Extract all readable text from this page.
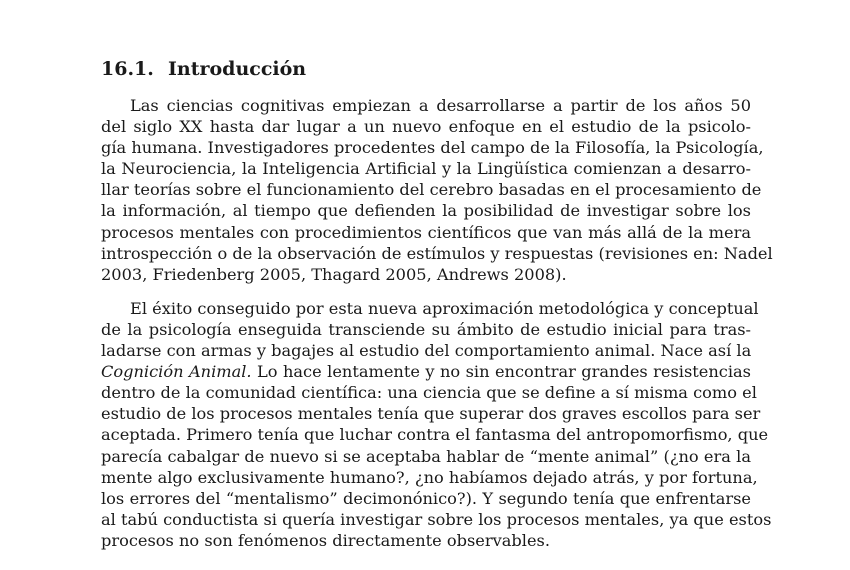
16.1. Introducción
Las ciencias cognitivas empiezan a desarrollarse a partir de los años 50
del siglo XX hasta dar lugar a un nuevo enfoque en el estudio de la psicolo-
gía humana. Investigadores procedentes del campo de la Filosofía, la Psicología,
la Neurociencia, la Inteligencia Artificial y la Lingüística comienzan a desarro-
llar teorías sobre el funcionamiento del cerebro basadas en el procesamiento de
la información, al tiempo que defienden la posibilidad de investigar sobre los
procesos mentales con procedimientos científicos que van más allá de la mera
introspección o de la observación de estímulos y respuestas (revisiones en: Nadel
2003, Friedenberg 2005, Thagard 2005, Andrews 2008).
El éxito conseguido por esta nueva aproximación metodológica y conceptual
de la psicología enseguida transciende su ámbito de estudio inicial para tras-
ladarse con armas y bagajes al estudio del comportamiento animal. Nace así la
Cognición Animal. Lo hace lentamente y no sin encontrar grandes resistencias
dentro de la comunidad científica: una ciencia que se define a sí misma como el
estudio de los procesos mentales tenía que superar dos graves escollos para ser
aceptada. Primero tenía que luchar contra el fantasma del antropomorfismo, que
parecía cabalgar de nuevo si se aceptaba hablar de “mente animal” (¿no era la
mente algo exclusivamente humano?, ¿no habíamos dejado atrás, y por fortuna,
los errores del “mentalismo” decimonónico?). Y segundo tenía que enfrentarse
al tabú conductista si quería investigar sobre los procesos mentales, ya que estos
procesos no son fenómenos directamente observables.
